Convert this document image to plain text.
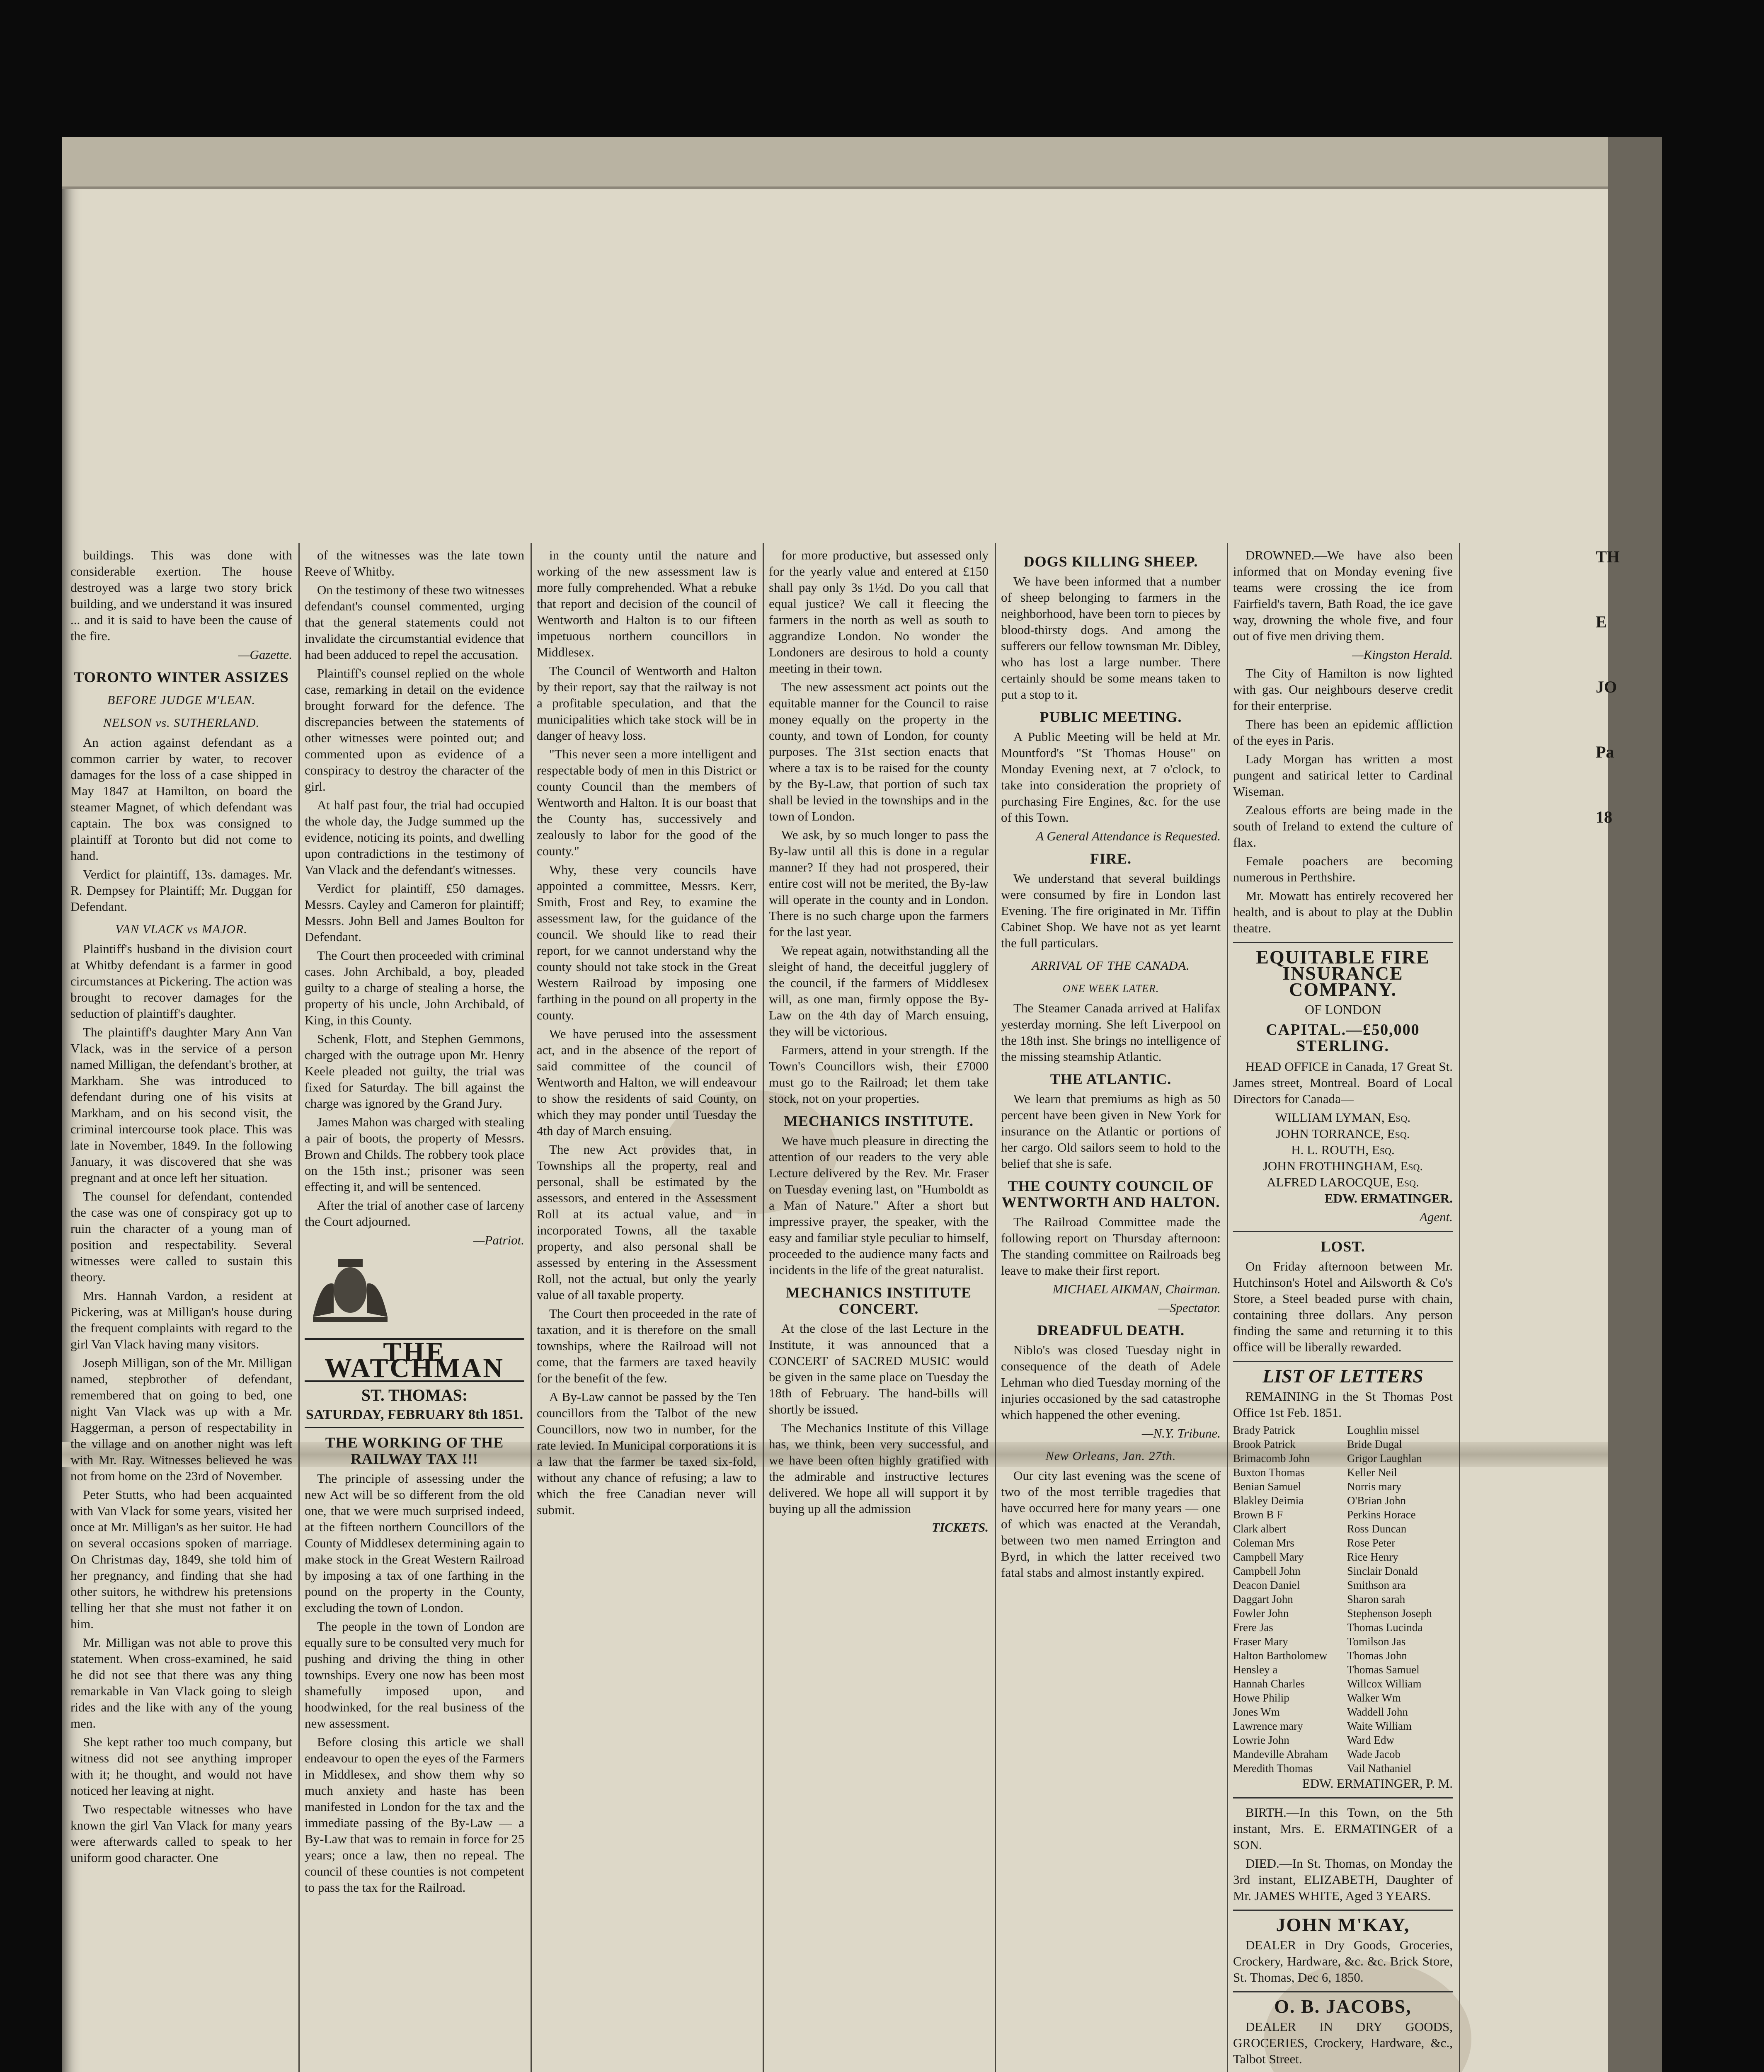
buildings. This was done with considerable exertion. The house destroyed was a large two story brick building, and we understand it was insured ... and it is said to have been the cause of the fire.

—Gazette.

TORONTO WINTER ASSIZES
BEFORE JUDGE M'LEAN.
NELSON vs. SUTHERLAND.

An action against defendant as a common carrier by water, to recover damages for the loss of a case shipped in May 1847 at Hamilton, on board the steamer Magnet, of which defendant was captain. The box was consigned to plaintiff at Toronto but did not come to hand.

Verdict for plaintiff, 13s. damages. Mr. R. Dempsey for Plaintiff; Mr. Duggan for Defendant.

VAN VLACK vs MAJOR.

Plaintiff's husband in the division court at Whitby defendant is a farmer in good circumstances at Pickering. The action was brought to recover damages for the seduction of plaintiff's daughter.

The plaintiff's daughter Mary Ann Van Vlack, was in the service of a person named Milligan, the defendant's brother, at Markham. She was introduced to defendant during one of his visits at Markham, and on his second visit, the criminal intercourse took place. This was late in November, 1849. In the following January, it was discovered that she was pregnant and at once left her situation.

The counsel for defendant, contended the case was one of conspiracy got up to ruin the character of a young man of position and respectability. Several witnesses were called to sustain this theory.

Mrs. Hannah Vardon, a resident at Pickering, was at Milligan's house during the frequent complaints with regard to the girl Van Vlack having many visitors.

Joseph Milligan, son of the Mr. Milligan named, stepbrother of defendant, remembered that on going to bed, one night Van Vlack was up with a Mr. Haggerman, a person of respectability in the village and on another night was left with Mr. Ray. Witnesses believed he was not from home on the 23rd of November.

Peter Stutts, who had been acquainted with Van Vlack for some years, visited her once at Mr. Milligan's as her suitor. He had on several occasions spoken of marriage. On Christmas day, 1849, she told him of her pregnancy, and finding that she had other suitors, he withdrew his pretensions telling her that she must not father it on him.

Mr. Milligan was not able to prove this statement. When cross-examined, he said he did not see that there was any thing remarkable in Van Vlack going to sleigh rides and the like with any of the young men.

She kept rather too much company, but witness did not see anything improper with it; he thought, and would not have noticed her leaving at night.

Two respectable witnesses who have known the girl Van Vlack for many years were afterwards called to speak to her uniform good character. One

of the witnesses was the late town Reeve of Whitby.

On the testimony of these two witnesses defendant's counsel commented, urging that the general statements could not invalidate the circumstantial evidence that had been adduced to repel the accusation.

Plaintiff's counsel replied on the whole case, remarking in detail on the evidence brought forward for the defence. The discrepancies between the statements of other witnesses were pointed out; and commented upon as evidence of a conspiracy to destroy the character of the girl.

At half past four, the trial had occupied the whole day, the Judge summed up the evidence, noticing its points, and dwelling upon contradictions in the testimony of Van Vlack and the defendant's witnesses.

Verdict for plaintiff, £50 damages. Messrs. Cayley and Cameron for plaintiff; Messrs. John Bell and James Boulton for Defendant.

The Court then proceeded with criminal cases. John Archibald, a boy, pleaded guilty to a charge of stealing a horse, the property of his uncle, John Archibald, of King, in this County.

Schenk, Flott, and Stephen Gemmons, charged with the outrage upon Mr. Henry Keele pleaded not guilty, the trial was fixed for Saturday. The bill against the charge was ignored by the Grand Jury.

James Mahon was charged with stealing a pair of boots, the property of Messrs. Brown and Childs. The robbery took place on the 15th inst.; prisoner was seen effecting it, and will be sentenced.

After the trial of another case of larceny the Court adjourned.

—Patriot.

THE WATCHMAN
ST. THOMAS:
SATURDAY, FEBRUARY 8th 1851.
THE WORKING OF THE RAILWAY TAX !!!

The principle of assessing under the new Act will be so different from the old one, that we were much surprised indeed, at the fifteen northern Councillors of the County of Middlesex determining again to make stock in the Great Western Railroad by imposing a tax of one farthing in the pound on the property in the County, excluding the town of London.

The people in the town of London are equally sure to be consulted very much for pushing and driving the thing in other townships. Every one now has been most shamefully imposed upon, and hoodwinked, for the real business of the new assessment.

Before closing this article we shall endeavour to open the eyes of the Farmers in Middlesex, and show them why so much anxiety and haste has been manifested in London for the tax and the immediate passing of the By-Law — a By-Law that was to remain in force for 25 years; once a law, then no repeal. The council of these counties is not competent to pass the tax for the Railroad.

in the county until the nature and working of the new assessment law is more fully comprehended. What a rebuke that report and decision of the council of Wentworth and Halton is to our fifteen impetuous northern councillors in Middlesex.

The Council of Wentworth and Halton by their report, say that the railway is not a profitable speculation, and that the municipalities which take stock will be in danger of heavy loss.

"This never seen a more intelligent and respectable body of men in this District or county Council than the members of Wentworth and Halton. It is our boast that the County has, successively and zealously to labor for the good of the county."

Why, these very councils have appointed a committee, Messrs. Kerr, Smith, Frost and Rey, to examine the assessment law, for the guidance of the council. We should like to read their report, for we cannot understand why the county should not take stock in the Great Western Railroad by imposing one farthing in the pound on all property in the county.

We have perused into the assessment act, and in the absence of the report of said committee of the council of Wentworth and Halton, we will endeavour to show the residents of said County, on which they may ponder until Tuesday the 4th day of March ensuing.

The new Act provides that, in Townships all the property, real and personal, shall be estimated by the assessors, and entered in the Assessment Roll at its actual value, and in incorporated Towns, all the taxable property, and also personal shall be assessed by entering in the Assessment Roll, not the actual, but only the yearly value of all taxable property.

The Court then proceeded in the rate of taxation, and it is therefore on the small townships, where the Railroad will not come, that the farmers are taxed heavily for the benefit of the few.

A By-Law cannot be passed by the Ten councillors from the Talbot of the new Councillors, now two in number, for the rate levied. In Municipal corporations it is a law that the farmer be taxed six-fold, without any chance of refusing; a law to which the free Canadian never will submit.

for more productive, but assessed only for the yearly value and entered at £150 shall pay only 3s 1½d. Do you call that equal justice? We call it fleecing the farmers in the north as well as south to aggrandize London. No wonder the Londoners are desirous to hold a county meeting in their town.

The new assessment act points out the equitable manner for the Council to raise money equally on the property in the county, and town of London, for county purposes. The 31st section enacts that where a tax is to be raised for the county by the By-Law, that portion of such tax shall be levied in the townships and in the town of London.

We ask, by so much longer to pass the By-law until all this is done in a regular manner? If they had not prospered, their entire cost will not be merited, the By-law will operate in the county and in London. There is no such charge upon the farmers for the last year.

We repeat again, notwithstanding all the sleight of hand, the deceitful jugglery of the council, if the farmers of Middlesex will, as one man, firmly oppose the By-Law on the 4th day of March ensuing, they will be victorious.

Farmers, attend in your strength. If the Town's Councillors wish, their £7000 must go to the Railroad; let them take stock, not on your properties.

MECHANICS INSTITUTE.

We have much pleasure in directing the attention of our readers to the very able Lecture delivered by the Rev. Mr. Fraser on Tuesday evening last, on "Humboldt as a Man of Nature." After a short but impressive prayer, the speaker, with the easy and familiar style peculiar to himself, proceeded to the audience many facts and incidents in the life of the great naturalist.

MECHANICS INSTITUTE CONCERT.

At the close of the last Lecture in the Institute, it was announced that a CONCERT of SACRED MUSIC would be given in the same place on Tuesday the 18th of February. The hand-bills will shortly be issued.

The Mechanics Institute of this Village has, we think, been very successful, and we have been often highly gratified with the admirable and instructive lectures delivered. We hope all will support it by buying up all the admission

TICKETS.

DOGS KILLING SHEEP.

We have been informed that a number of sheep belonging to farmers in the neighborhood, have been torn to pieces by blood-thirsty dogs. And among the sufferers our fellow townsman Mr. Dibley, who has lost a large number. There certainly should be some means taken to put a stop to it.

PUBLIC MEETING.

A Public Meeting will be held at Mr. Mountford's "St Thomas House" on Monday Evening next, at 7 o'clock, to take into consideration the propriety of purchasing Fire Engines, &c. for the use of this Town.

A General Attendance is Requested.

FIRE.

We understand that several buildings were consumed by fire in London last Evening. The fire originated in Mr. Tiffin Cabinet Shop. We have not as yet learnt the full particulars.

ARRIVAL OF THE CANADA.
ONE WEEK LATER.

The Steamer Canada arrived at Halifax yesterday morning. She left Liverpool on the 18th inst. She brings no intelligence of the missing steamship Atlantic.

THE ATLANTIC.

We learn that premiums as high as 50 percent have been given in New York for insurance on the Atlantic or portions of her cargo. Old sailors seem to hold to the belief that she is safe.

THE COUNTY COUNCIL OF WENTWORTH AND HALTON.

The Railroad Committee made the following report on Thursday afternoon: The standing committee on Railroads beg leave to make their first report.

MICHAEL AIKMAN, Chairman.

—Spectator.

DREADFUL DEATH.

Niblo's was closed Tuesday night in consequence of the death of Adele Lehman who died Tuesday morning of the injuries occasioned by the sad catastrophe which happened the other evening.

—N.Y. Tribune.

New Orleans, Jan. 27th.

Our city last evening was the scene of two of the most terrible tragedies that have occurred here for many years — one of which was enacted at the Verandah, between two men named Errington and Byrd, in which the latter received two fatal stabs and almost instantly expired.

DROWNED.—We have also been informed that on Monday evening five teams were crossing the ice from Fairfield's tavern, Bath Road, the ice gave way, drowning the whole five, and four out of five men driving them.

—Kingston Herald.

The City of Hamilton is now lighted with gas. Our neighbours deserve credit for their enterprise.

There has been an epidemic affliction of the eyes in Paris.

Lady Morgan has written a most pungent and satirical letter to Cardinal Wiseman.

Zealous efforts are being made in the south of Ireland to extend the culture of flax.

Female poachers are becoming numerous in Perthshire.

Mr. Mowatt has entirely recovered her health, and is about to play at the Dublin theatre.

EQUITABLE FIRE INSURANCE COMPANY.
OF LONDON
CAPITAL.—£50,000 STERLING.

HEAD OFFICE in Canada, 17 Great St. James street, Montreal. Board of Local Directors for Canada—

WILLIAM LYMAN, Esq.
JOHN TORRANCE, Esq.
H. L. ROUTH, Esq.
JOHN FROTHINGHAM, Esq.
ALFRED LAROCQUE, Esq.

EDW. ERMATINGER.

Agent.

LOST.

On Friday afternoon between Mr. Hutchinson's Hotel and Ailsworth & Co's Store, a Steel beaded purse with chain, containing three dollars. Any person finding the same and returning it to this office will be liberally rewarded.

LIST OF LETTERS

REMAINING in the St Thomas Post Office 1st Feb. 1851.

Brady Patrick	Loughlin missel
Brook Patrick	Bride Dugal
Brimacomb John	Grigor Laughlan
Buxton Thomas	Keller Neil
Benian Samuel	Norris mary
Blakley Deimia	O'Brian John
Brown B F	Perkins Horace
Clark albert	Ross Duncan
Coleman Mrs	Rose Peter
Campbell Mary	Rice Henry
Campbell John	Sinclair Donald
Deacon Daniel	Smithson ara
Daggart John	Sharon sarah
Fowler John	Stephenson Joseph
Frere Jas	Thomas Lucinda
Fraser Mary	Tomilson Jas
Halton Bartholomew	Thomas John
Hensley a	Thomas Samuel
Hannah Charles	Willcox William
Howe Philip	Walker Wm
Jones Wm	Waddell John
Lawrence mary	Waite William
Lowrie John	Ward Edw
Mandeville Abraham	Wade Jacob
Meredith Thomas	Vail Nathaniel

EDW. ERMATINGER, P. M.

BIRTH.—In this Town, on the 5th instant, Mrs. E. ERMATINGER of a SON.

DIED.—In St. Thomas, on Monday the 3rd instant, ELIZABETH, Daughter of Mr. JAMES WHITE, Aged 3 YEARS.

JOHN M'KAY,

DEALER in Dry Goods, Groceries, Crockery, Hardware, &c. &c. Brick Store, St. Thomas, Dec 6, 1850.

O. B. JACOBS,

DEALER IN DRY GOODS, GROCERIES, Crockery, Hardware, &c., Talbot Street.

TH
E
JO
Pa
18
